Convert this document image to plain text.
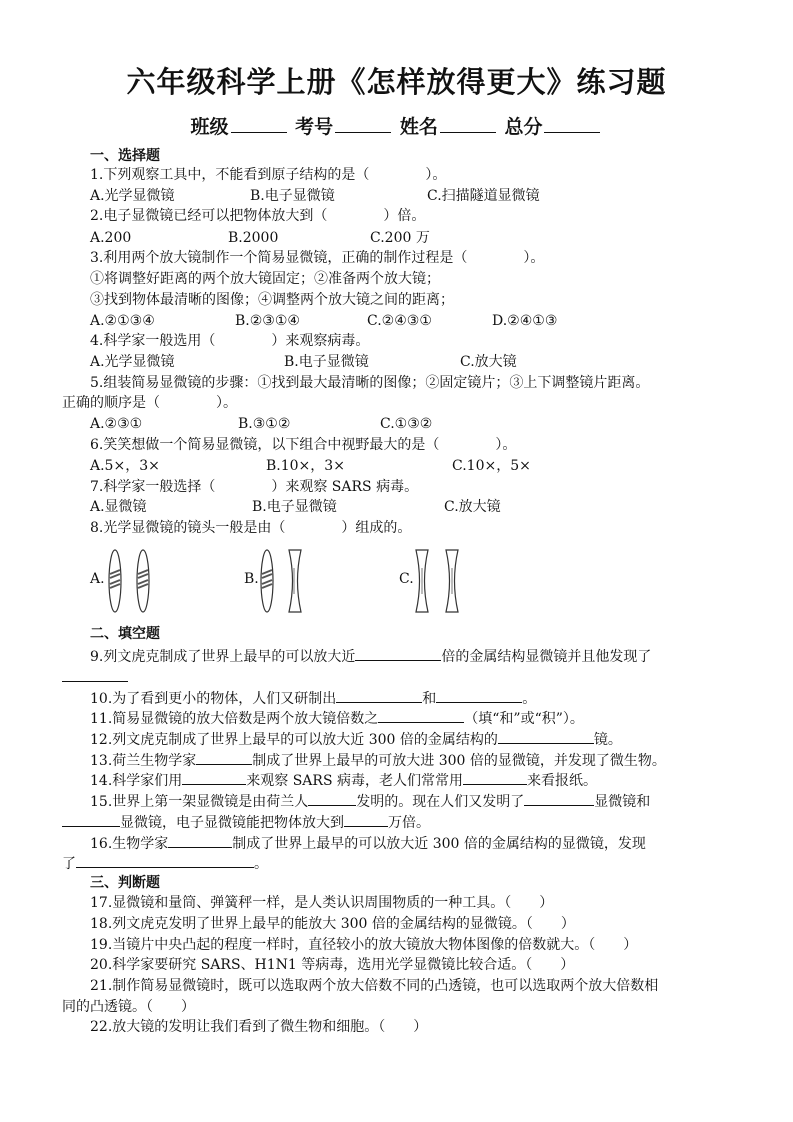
六年级科学上册《怎样放得更大》练习题
班级	考号	姓名	总分
一、选择题
1.下列观察工具中，不能看到原子结构的是（　　　　）。
A.光学显微镜	B.电子显微镜	C.扫描隧道显微镜
2.电子显微镜已经可以把物体放大到（　　　　）倍。
A.200	B.2000	C.200 万
3.利用两个放大镜制作一个简易显微镜，正确的制作过程是（　　　　）。
①将调整好距离的两个放大镜固定；②准备两个放大镜；
③找到物体最清晰的图像；④调整两个放大镜之间的距离；
A.②①③④	B.②③①④	C.②④③①	D.②④①③
4.科学家一般选用（　　　　）来观察病毒。
A.光学显微镜	B.电子显微镜	C.放大镜
5.组装简易显微镜的步骤：①找到最大最清晰的图像；②固定镜片；③上下调整镜片距离。
正确的顺序是（　　　　）。
A.②③①	B.③①②	C.①③②
6.笑笑想做一个简易显微镜，以下组合中视野最大的是（　　　　）。
A.5×，3×	B.10×，3×	C.10×，5×
7.科学家一般选择（　　　　）来观察 SARS 病毒。
A.显微镜	B.电子显微镜	C.放大镜
8.光学显微镜的镜头一般是由（　　　　）组成的。
A.	B.	C.
二、填空题
9.列文虎克制成了世界上最早的可以放大近	倍的金属结构显微镜并且他发现了
10.为了看到更小的物体，人们又研制出	和	。
11.简易显微镜的放大倍数是两个放大镜倍数之	（填“和”或“积”）。
12.列文虎克制成了世界上最早的可以放大近 300 倍的金属结构的	镜。
13.荷兰生物学家	制成了世界上最早的可放大进 300 倍的显微镜，并发现了微生物。
14.科学家们用	来观察 SARS 病毒，老人们常常用	来看报纸。
15.世界上第一架显微镜是由荷兰人	发明的。现在人们又发明了	显微镜和
显微镜，电子显微镜能把物体放大到	万倍。
16.生物学家	制成了世界上最早的可以放大近 300 倍的金属结构的显微镜，发现
了	。
三、判断题
17.显微镜和量筒、弹簧秤一样，是人类认识周围物质的一种工具。（　　）
18.列文虎克发明了世界上最早的能放大 300 倍的金属结构的显微镜。（　　）
19.当镜片中央凸起的程度一样时，直径较小的放大镜放大物体图像的倍数就大。（　　）
20.科学家要研究 SARS、H1N1 等病毒，选用光学显微镜比较合适。（　　）
21.制作简易显微镜时，既可以选取两个放大倍数不同的凸透镜，也可以选取两个放大倍数相
同的凸透镜。（　　）
22.放大镜的发明让我们看到了微生物和细胞。（　　）
